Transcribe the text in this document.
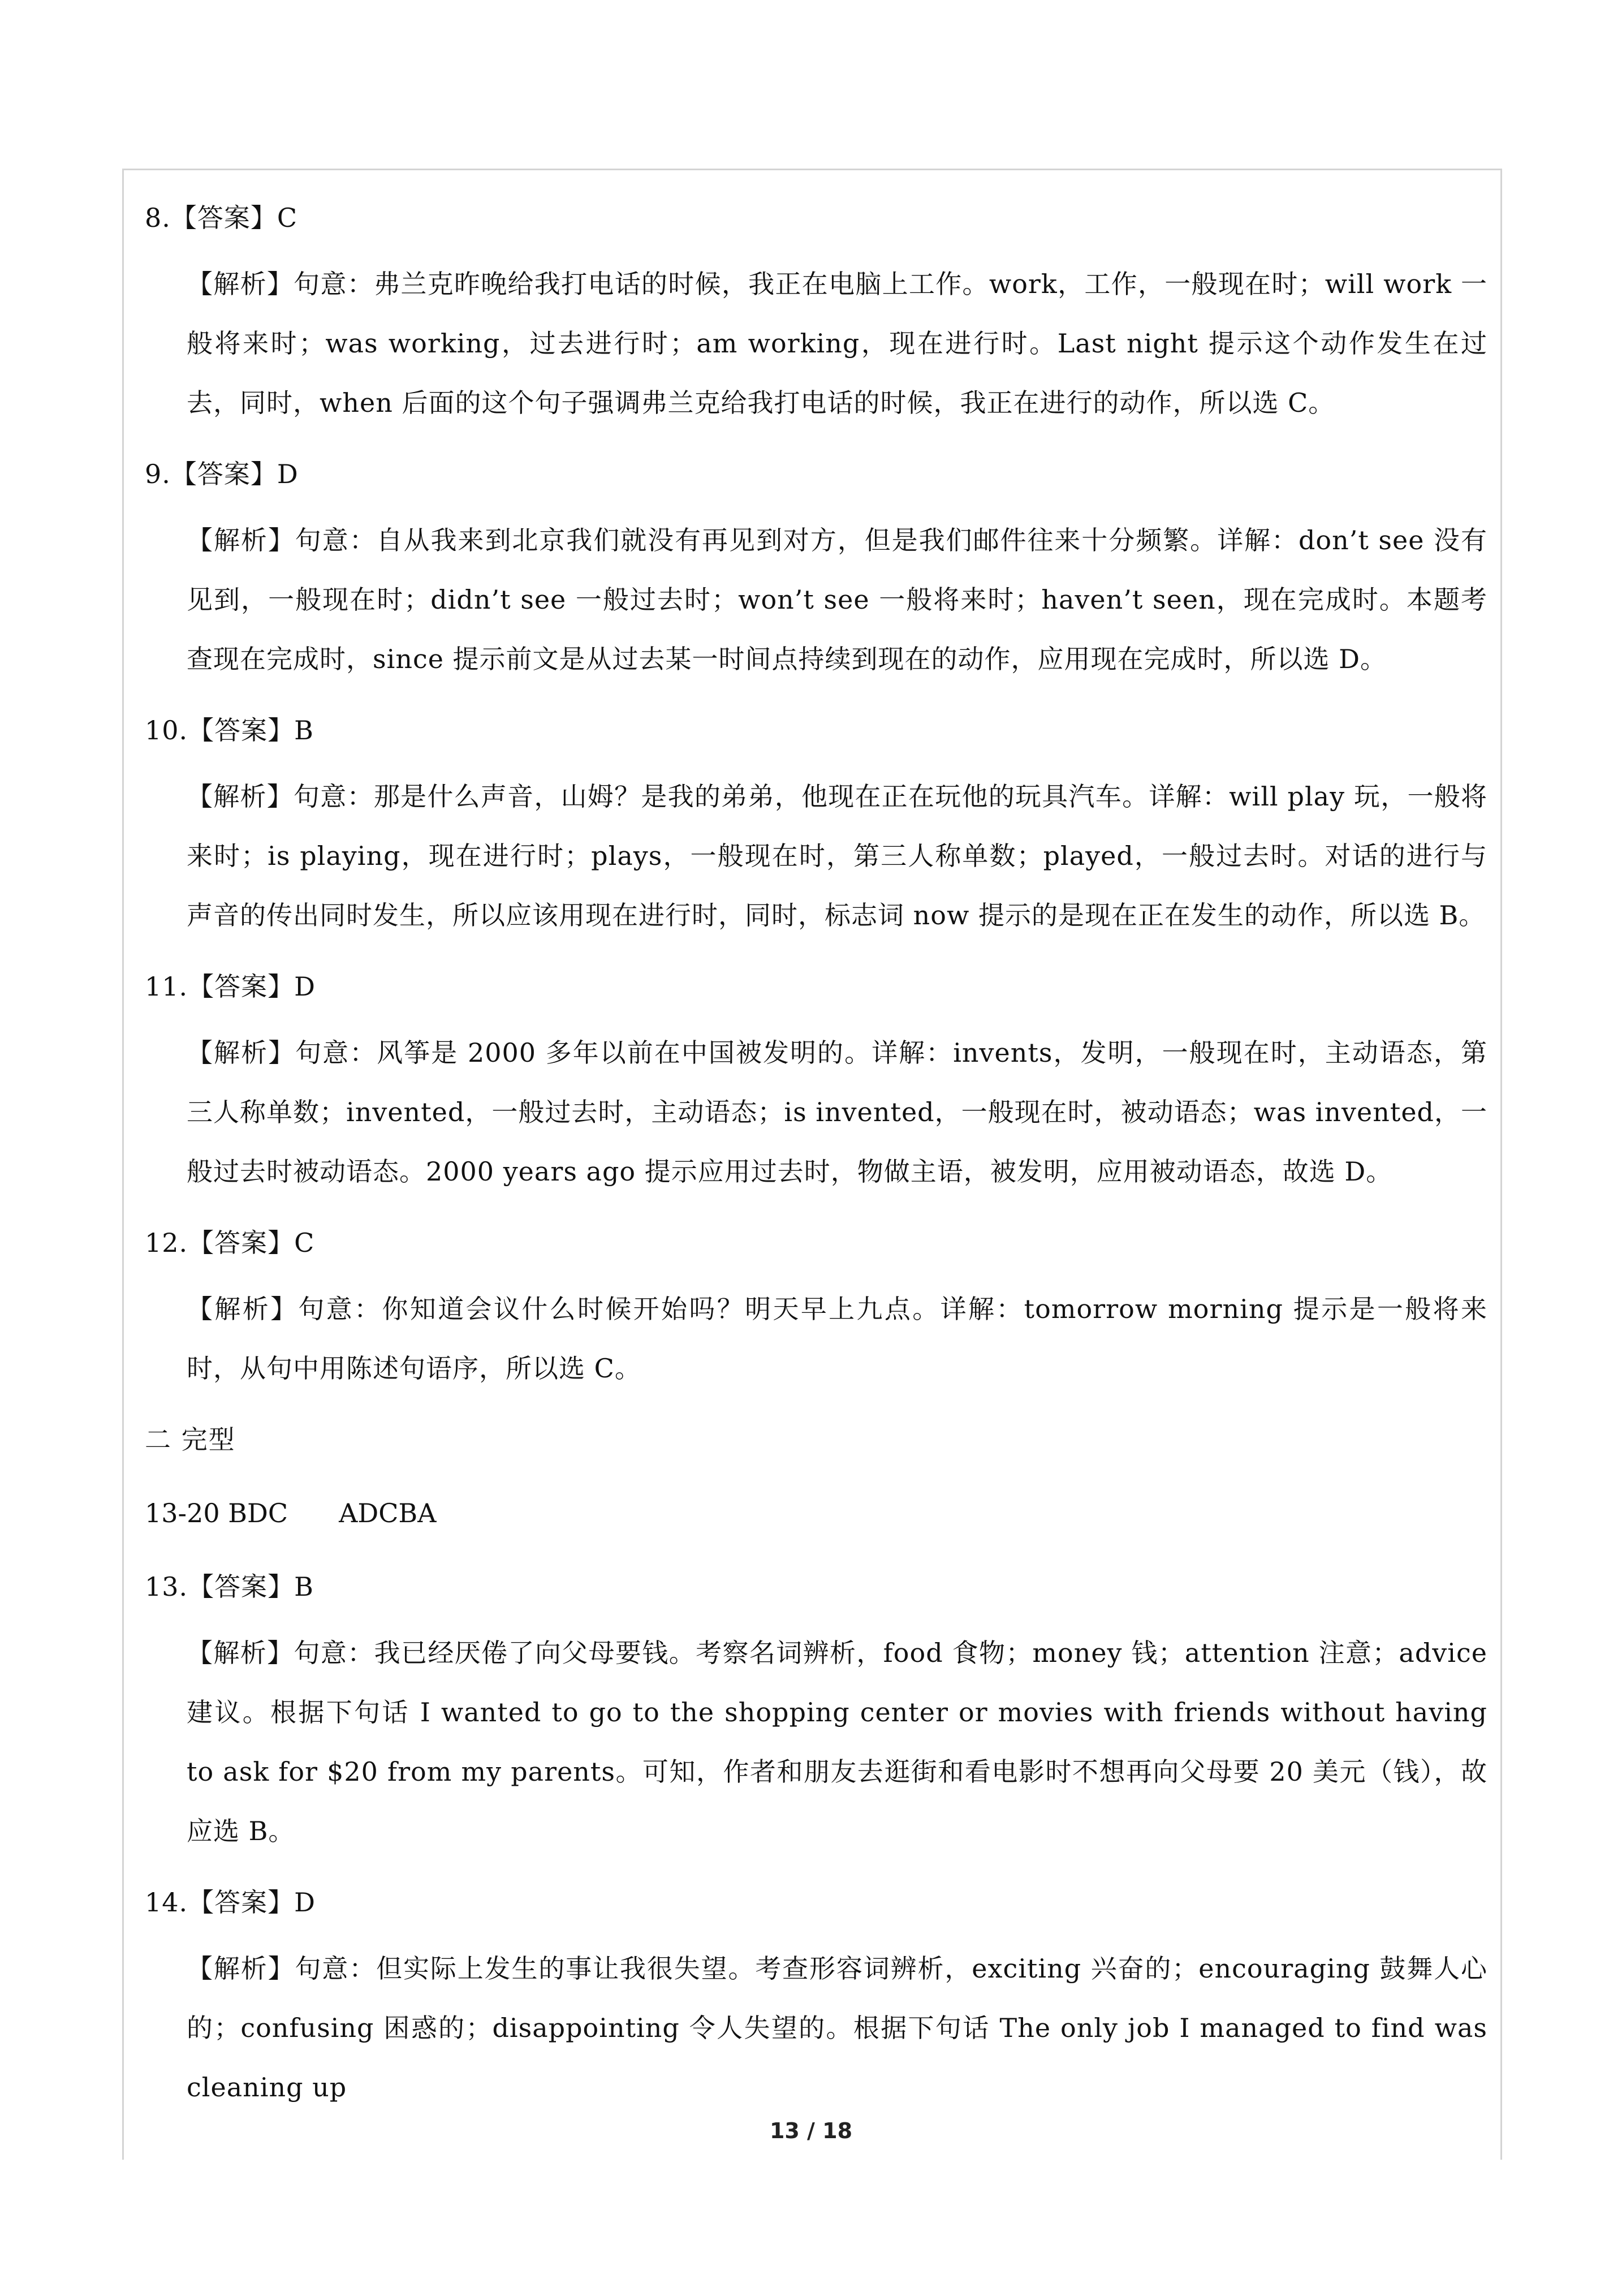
8.【答案】C
【解析】句意：弗兰克昨晚给我打电话的时候，我正在电脑上工作。work，工作，一般现在时；will work 一般将来时；was working，过去进行时；am working，现在进行时。Last night 提示这个动作发生在过去，同时，when 后面的这个句子强调弗兰克给我打电话的时候，我正在进行的动作，所以选 C。
9.【答案】D
【解析】句意：自从我来到北京我们就没有再见到对方，但是我们邮件往来十分频繁。详解：don’t see 没有见到，一般现在时；didn’t see 一般过去时；won’t see 一般将来时；haven’t seen，现在完成时。本题考查现在完成时，since 提示前文是从过去某一时间点持续到现在的动作，应用现在完成时，所以选 D。
10.【答案】B
【解析】句意：那是什么声音，山姆？是我的弟弟，他现在正在玩他的玩具汽车。详解：will play 玩，一般将来时；is playing，现在进行时；plays，一般现在时，第三人称单数；played，一般过去时。对话的进行与声音的传出同时发生，所以应该用现在进行时，同时，标志词 now 提示的是现在正在发生的动作，所以选 B。
11.【答案】D
【解析】句意：风筝是 2000 多年以前在中国被发明的。详解：invents，发明，一般现在时，主动语态，第三人称单数；invented，一般过去时，主动语态；is invented，一般现在时，被动语态；was invented，一般过去时被动语态。2000 years ago 提示应用过去时，物做主语，被发明，应用被动语态，故选 D。
12.【答案】C
【解析】句意：你知道会议什么时候开始吗？明天早上九点。详解：tomorrow morning 提示是一般将来时，从句中用陈述句语序，所以选 C。
二 完型
13-20 BDC ADCBA
13.【答案】B
【解析】句意：我已经厌倦了向父母要钱。考察名词辨析，food 食物；money 钱；attention 注意；advice 建议。根据下句话 I wanted to go to the shopping center or movies with friends without having to ask for $20 from my parents。可知，作者和朋友去逛街和看电影时不想再向父母要 20 美元（钱），故应选 B。
14.【答案】D
【解析】句意：但实际上发生的事让我很失望。考查形容词辨析，exciting 兴奋的；encouraging 鼓舞人心的；confusing 困惑的；disappointing 令人失望的。根据下句话 The only job I managed to find was cleaning up
13 / 18
